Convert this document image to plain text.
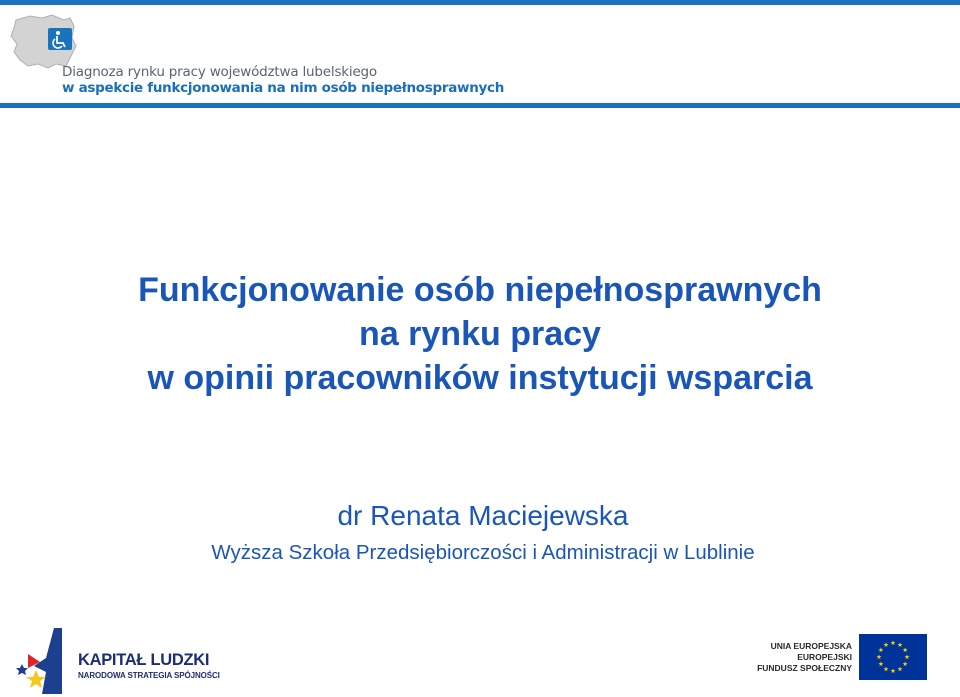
Diagnoza rynku pracy województwa lubelskiego
w aspekcie funkcjonowania na nim osób niepełnosprawnych
Funkcjonowanie osób niepełnosprawnych
na rynku pracy
w opinii pracowników instytucji wsparcia
dr Renata Maciejewska
Wyższa Szkoła Przedsiębiorczości i Administracji w Lublinie
KAPITAŁ LUDZKI
NARODOWA STRATEGIA SPÓJNOŚCI
UNIA EUROPEJSKA
EUROPEJSKI
FUNDUSZ SPOŁECZNY
